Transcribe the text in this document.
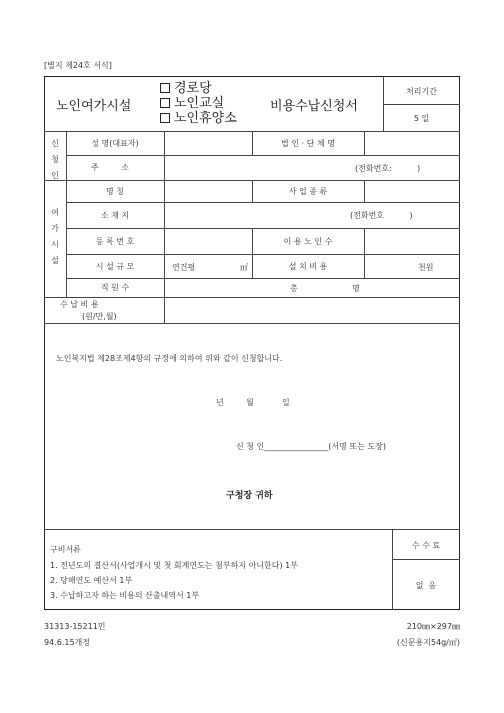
[별지 제24호 서식]
노인여가시설
경로당
노인교실
노인휴양소
비용수납신청서
처리기간
5 일
신청인
성 명(대표자)	법 인 · 단 체 명
주 소	(전화번호:          )
여가시설
명 칭	사 업 종 류
소 재 지	(전화번호          )
등 록 번 호	이 용 노 인 수
시 설 규 모	연건평	㎡	설 치 비 용	천원
직 원 수	총	명
수 납 비 용
(원/만,월)
노인복지법 제28조제4항의 규정에 의하여 위와 같이 신청합니다.
년	월	일
신 청 인________________(서명 또는 도장)
구청장 귀하
구비서류
1. 전년도의 결산서(사업개시 및 첫 회계연도는 첨부하지 아니한다) 1부
2. 당해연도 예산서 1부
3. 수납하고자 하는 비용의 산출내역서 1부
수 수 료
없  음
31313-15211민
94.6.15개정
210㎜×297㎜
(신문용지54g/㎡)
